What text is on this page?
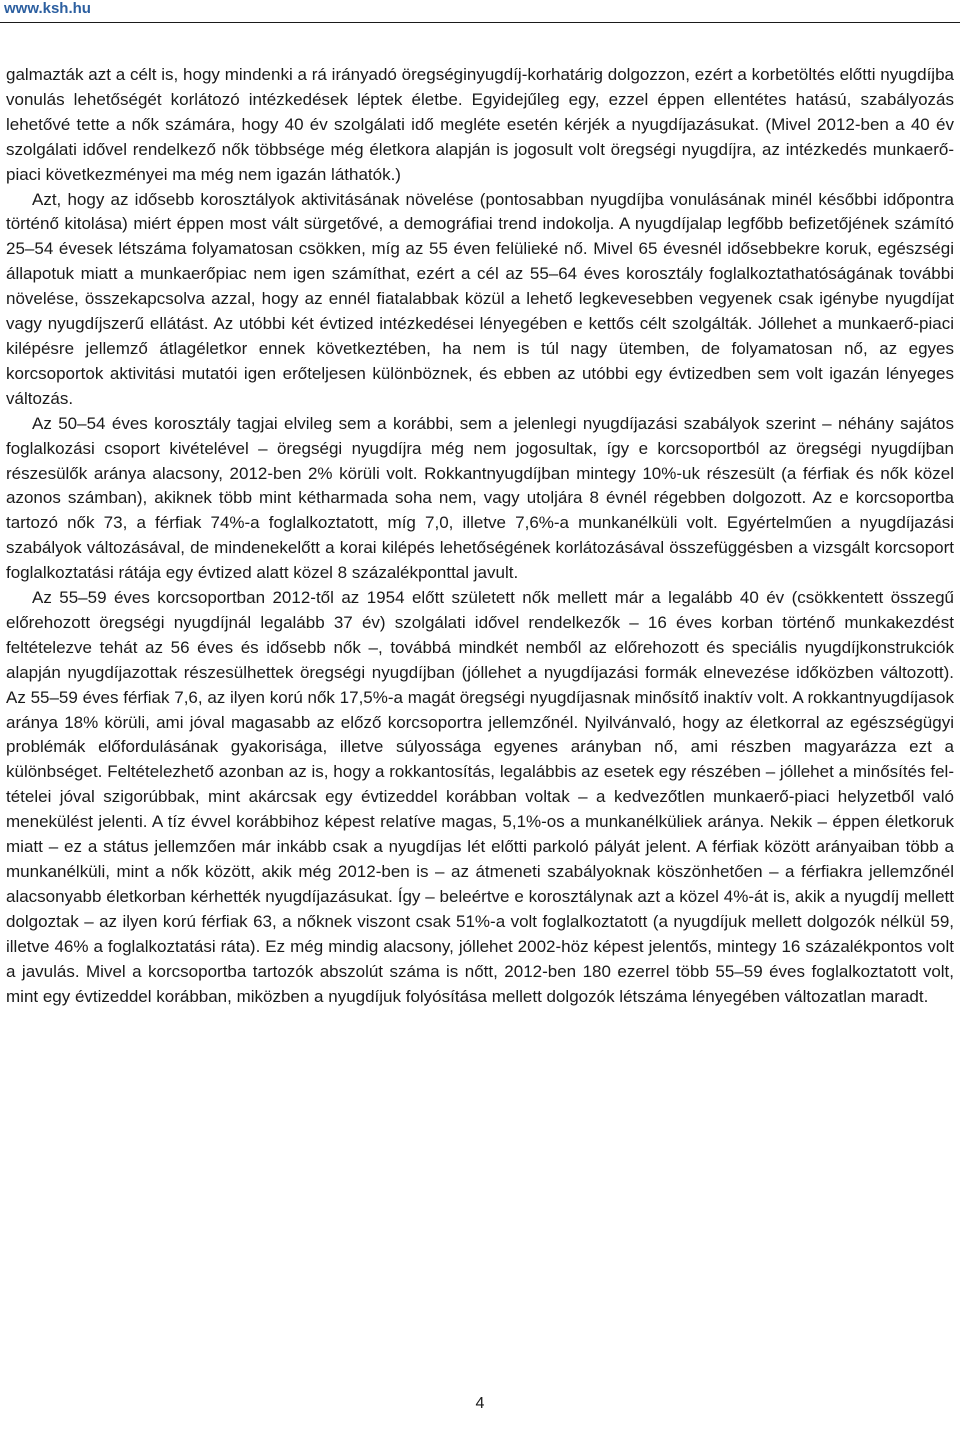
www.ksh.hu

galmazták azt a célt is, hogy mindenki a rá irányadó öregséginyugdíj-korhatárig dolgozzon, ezért a korbetöltés előtti nyugdíjba vonulás lehetőségét korlátozó intézkedések léptek életbe. Egyidejűleg egy, ezzel éppen ellentétes hatású, szabályozás lehetővé tette a nők számára, hogy 40 év szolgálati idő megléte esetén kérjék a nyugdíjazásukat. (Mivel 2012-ben a 40 év szolgálati idővel rendelkező nők többsége még életkora alapján is jogosult volt öregségi nyugdíjra, az intézkedés munkaerő-piaci következményei ma még nem igazán láthatók.)

Azt, hogy az idősebb korosztályok aktivitásának növelése (pontosabban nyugdíjba vonulásának minél későbbi időpontra történő kitolása) miért éppen most vált sürgetővé, a demográfiai trend indokolja. A nyugdíjalap legfőbb befizetőjének számító 25–54 évesek létszáma folyamatosan csökken, míg az 55 éven felülieké nő. Mivel 65 évesnél idősebbekre koruk, egészségi állapotuk miatt a munkaerőpiac nem igen számíthat, ezért a cél az 55–64 éves korosztály foglalkoztathatóságának további növelése, összekapcsolva azzal, hogy az ennél fiatalabbak közül a lehető legkevesebben vegyenek csak igénybe nyugdíjat vagy nyugdíjszerű ellátást. Az utóbbi két évtized intézkedései lényegében e kettős célt szolgálták. Jóllehet a munkaerő-piaci kilépésre jellemző átlagéletkor ennek következtében, ha nem is túl nagy ütemben, de folyamatosan nő, az egyes korcsoportok aktivitási mutatói igen erőteljesen különböznek, és ebben az utóbbi egy évtizedben sem volt igazán lényeges változás.

Az 50–54 éves korosztály tagjai elvileg sem a korábbi, sem a jelenlegi nyugdíjazási szabályok szerint – néhány sajátos foglalkozási csoport kivételével – öregségi nyugdíjra még nem jogosultak, így e korcsoportból az öregségi nyugdíjban részesülők aránya alacsony, 2012-ben 2% körüli volt. Rokkantnyugdíjban mintegy 10%-uk részesült (a férfiak és nők közel azonos számban), akiknek több mint kétharmada soha nem, vagy utoljára 8 évnél régebben dolgozott. Az e korcsoportba tartozó nők 73, a férfiak 74%-a foglalkoztatott, míg 7,0, illetve 7,6%-a munkanélküli volt. Egyértelműen a nyugdíjazási szabályok változásával, de mindenekelőtt a korai kilépés lehetőségének korlátozásával összefüggésben a vizsgált korcsoport foglalkoztatási rátája egy évtized alatt közel 8 százalékponttal javult.

Az 55–59 éves korcsoportban 2012-től az 1954 előtt született nők mellett már a legalább 40 év (csökkentett összegű előrehozott öregségi nyugdíjnál legalább 37 év) szolgálati idővel rendelkezők – 16 éves korban történő munkakezdést feltételezve tehát az 56 éves és idősebb nők –, továbbá mindkét nemből az előrehozott és speciális nyugdíjkonstrukciók alapján nyugdíjazottak részesülhettek öregségi nyugdíjban (jóllehet a nyugdíjazási formák elnevezése időközben változott). Az 55–59 éves férfiak 7,6, az ilyen korú nők 17,5%-a magát öregségi nyugdíjasnak minősítő inaktív volt. A rokkantnyugdíjasok aránya 18% körüli, ami jóval magasabb az előző korcsoportra jellemzőnél. Nyilvánvaló, hogy az életkorral az egészségügyi problémák előfordulásának gyakorisága, illetve súlyossága egyenes arányban nő, ami részben magyarázza ezt a különbséget. Feltételezhető azonban az is, hogy a rokkantosítás, legalábbis az esetek egy részében – jóllehet a minősítés feltételei jóval szigorúbbak, mint akárcsak egy évtizeddel korábban voltak – a kedvezőtlen munkaerő-piaci helyzetből való menekülést jelenti. A tíz évvel korábbihoz képest relatíve magas, 5,1%-os a munkanélküliek aránya. Nekik – éppen életkoruk miatt – ez a státus jellemzően már inkább csak a nyugdíjas lét előtti parkoló pályát jelent. A férfiak között arányaiban több a munkanélküli, mint a nők között, akik még 2012-ben is – az átmeneti szabályoknak köszönhetően – a férfiakra jellemzőnél alacsonyabb életkorban kérhették nyugdíjazásukat. Így – beleértve e korosztálynak azt a közel 4%-át is, akik a nyugdíj mellett dolgoztak – az ilyen korú férfiak 63, a nőknek viszont csak 51%-a volt foglalkoztatott (a nyugdíjuk mellett dolgozók nélkül 59, illetve 46% a foglalkoztatási ráta). Ez még mindig alacsony, jóllehet 2002-höz képest jelentős, mintegy 16 százalékpontos volt a javulás. Mivel a korcsoportba tartozók abszolút száma is nőtt, 2012-ben 180 ezerrel több 55–59 éves foglalkoztatott volt, mint egy évtizeddel korábban, miközben a nyugdíjuk folyósítása mellett dolgozók létszáma lényegében változatlan maradt.

4
